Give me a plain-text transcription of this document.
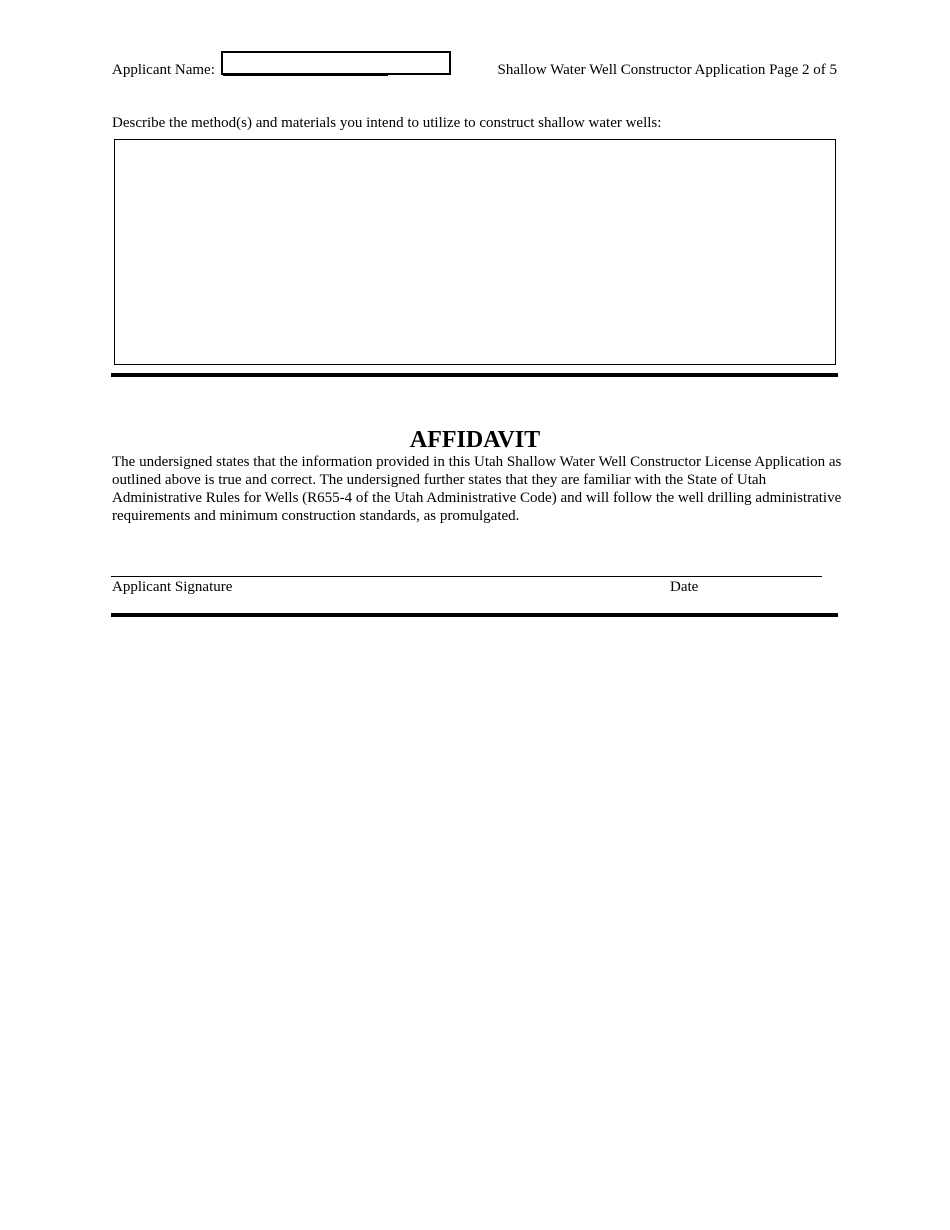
Applicant Name:	Shallow Water Well Constructor Application Page 2 of 5
Describe the method(s) and materials you intend to utilize to construct shallow water wells:
AFFIDAVIT
The undersigned states that the information provided in this Utah Shallow Water Well Constructor License Application as outlined above is true and correct. The undersigned further states that they are familiar with the State of Utah Administrative Rules for Wells (R655-4 of the Utah Administrative Code) and will follow the well drilling administrative requirements and minimum construction standards, as promulgated.
Applicant Signature	Date
